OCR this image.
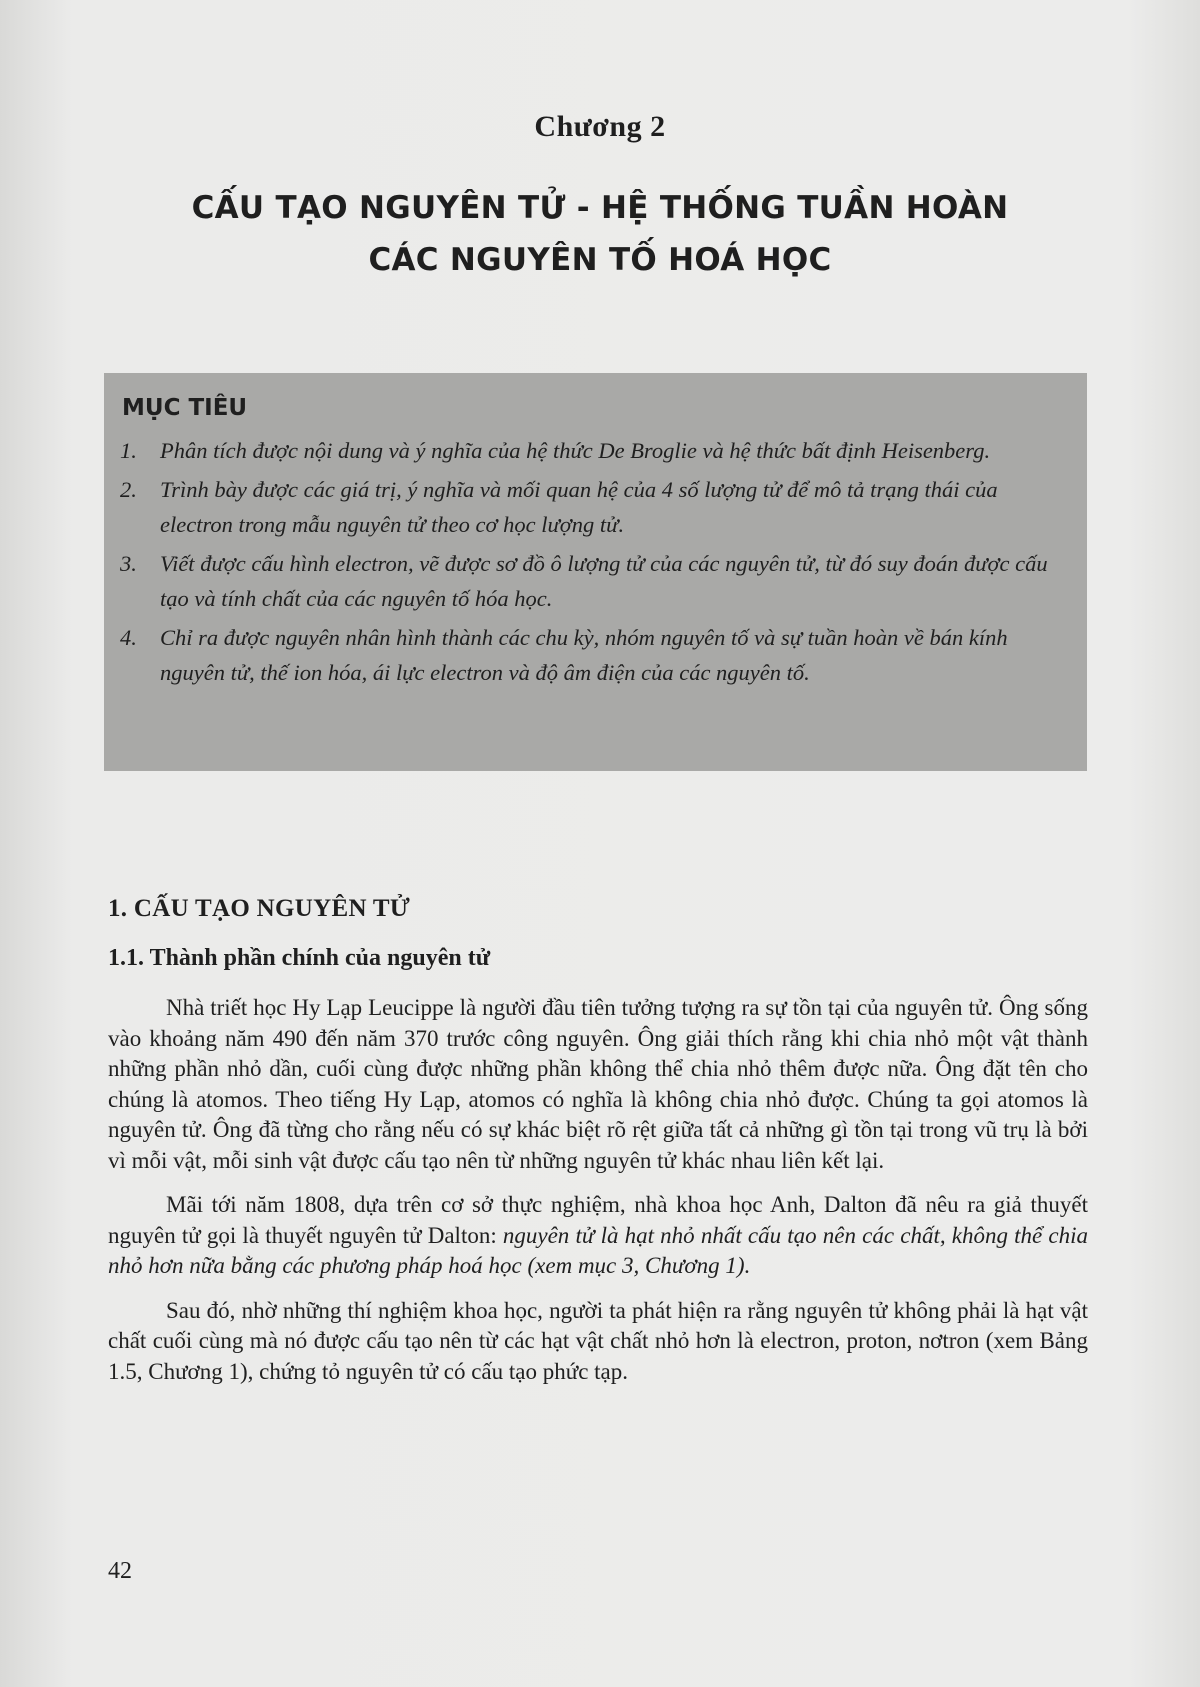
Chương 2
CẤU TẠO NGUYÊN TỬ - HỆ THỐNG TUẦN HOÀN
CÁC NGUYÊN TỐ HOÁ HỌC
MỤC TIÊU
1.	Phân tích được nội dung và ý nghĩa của hệ thức De Broglie và hệ thức bất định Heisenberg.
2.	Trình bày được các giá trị, ý nghĩa và mối quan hệ của 4 số lượng tử để mô tả trạng thái của electron trong mẫu nguyên tử theo cơ học lượng tử.
3.	Viết được cấu hình electron, vẽ được sơ đồ ô lượng tử của các nguyên tử, từ đó suy đoán được cấu tạo và tính chất của các nguyên tố hóa học.
4.	Chỉ ra được nguyên nhân hình thành các chu kỳ, nhóm nguyên tố và sự tuần hoàn về bán kính nguyên tử, thế ion hóa, ái lực electron và độ âm điện của các nguyên tố.
1. CẤU TẠO NGUYÊN TỬ
1.1. Thành phần chính của nguyên tử

Nhà triết học Hy Lạp Leucippe là người đầu tiên tưởng tượng ra sự tồn tại của nguyên tử. Ông sống vào khoảng năm 490 đến năm 370 trước công nguyên. Ông giải thích rằng khi chia nhỏ một vật thành những phần nhỏ dần, cuối cùng được những phần không thể chia nhỏ thêm được nữa. Ông đặt tên cho chúng là atomos. Theo tiếng Hy Lạp, atomos có nghĩa là không chia nhỏ được. Chúng ta gọi atomos là nguyên tử. Ông đã từng cho rằng nếu có sự khác biệt rõ rệt giữa tất cả những gì tồn tại trong vũ trụ là bởi vì mỗi vật, mỗi sinh vật được cấu tạo nên từ những nguyên tử khác nhau liên kết lại.

Mãi tới năm 1808, dựa trên cơ sở thực nghiệm, nhà khoa học Anh, Dalton đã nêu ra giả thuyết nguyên tử gọi là thuyết nguyên tử Dalton: nguyên tử là hạt nhỏ nhất cấu tạo nên các chất, không thể chia nhỏ hơn nữa bằng các phương pháp hoá học (xem mục 3, Chương 1).

Sau đó, nhờ những thí nghiệm khoa học, người ta phát hiện ra rằng nguyên tử không phải là hạt vật chất cuối cùng mà nó được cấu tạo nên từ các hạt vật chất nhỏ hơn là electron, proton, nơtron (xem Bảng 1.5, Chương 1), chứng tỏ nguyên tử có cấu tạo phức tạp.

42
